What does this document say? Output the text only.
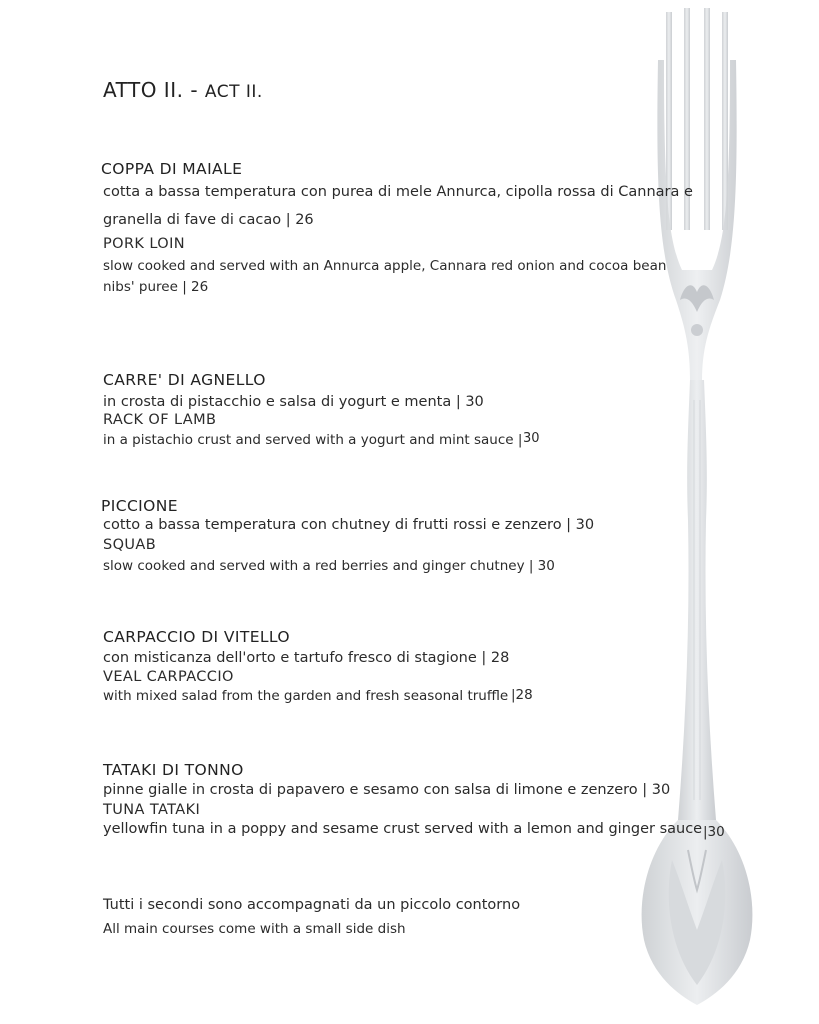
ATTO II. - ACT II.
COPPA DI MAIALE
cotta a bassa temperatura con purea di mele Annurca, cipolla rossa di Cannara e
granella di fave di cacao | 26
PORK LOIN
slow cooked and served with an Annurca apple, Cannara red onion and cocoa bean
nibs' puree | 26
CARRE' DI AGNELLO
in crosta di pistacchio e salsa di yogurt e menta | 30
RACK OF LAMB
in a pistachio crust and served with a yogurt and mint sauce | 30
PICCIONE
cotto a bassa temperatura con chutney di frutti rossi e zenzero | 30
SQUAB
slow cooked and served with a red berries and ginger chutney | 30
CARPACCIO DI VITELLO
con misticanza dell'orto e tartufo fresco di stagione | 28
VEAL CARPACCIO
with mixed salad from the garden and fresh seasonal truffle |28
TATAKI DI TONNO
pinne gialle in crosta di papavero e sesamo con salsa di limone e zenzero | 30
TUNA TATAKI
yellowfin tuna in a poppy and sesame crust served with a lemon and ginger sauce |30
Tutti i secondi sono accompagnati da un piccolo contorno
All main courses come with a small side dish
